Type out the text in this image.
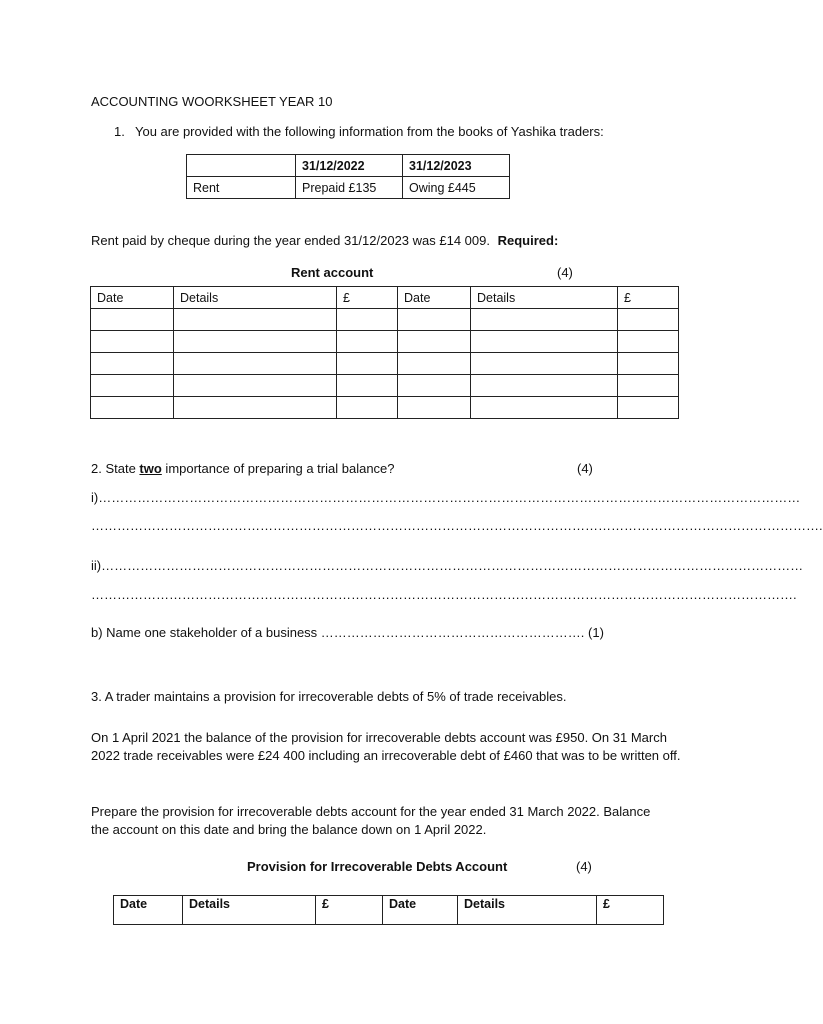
ACCOUNTING WOORKSHEET YEAR 10
1. You are provided with the following information from the books of Yashika traders:
	31/12/2022	31/12/2023
Rent	Prepaid £135	Owing £445
Rent paid by cheque during the year ended 31/12/2023 was £14 009. Required:
Rent account	(4)
Date	Details	£	Date	Details	£

2. State two importance of preparing a trial balance?	(4)
i)………………………………………………………………………………………………………………………………………………
…………………………………………………………………………………………………………………………………………………….
ii)………………………………………………………………………………………………………………………………………………
……………………………………………………………………………………………………………………………………………….
b) Name one stakeholder of a business ……………………………………………………. (1)
3. A trader maintains a provision for irrecoverable debts of 5% of trade receivables.
On 1 April 2021 the balance of the provision for irrecoverable debts account was £950. On 31 March 2022 trade receivables were £24 400 including an irrecoverable debt of £460 that was to be written off.
Prepare the provision for irrecoverable debts account for the year ended 31 March 2022. Balance the account on this date and bring the balance down on 1 April 2022.
Provision for Irrecoverable Debts Account	(4)
Date	Details	£	Date	Details	£
